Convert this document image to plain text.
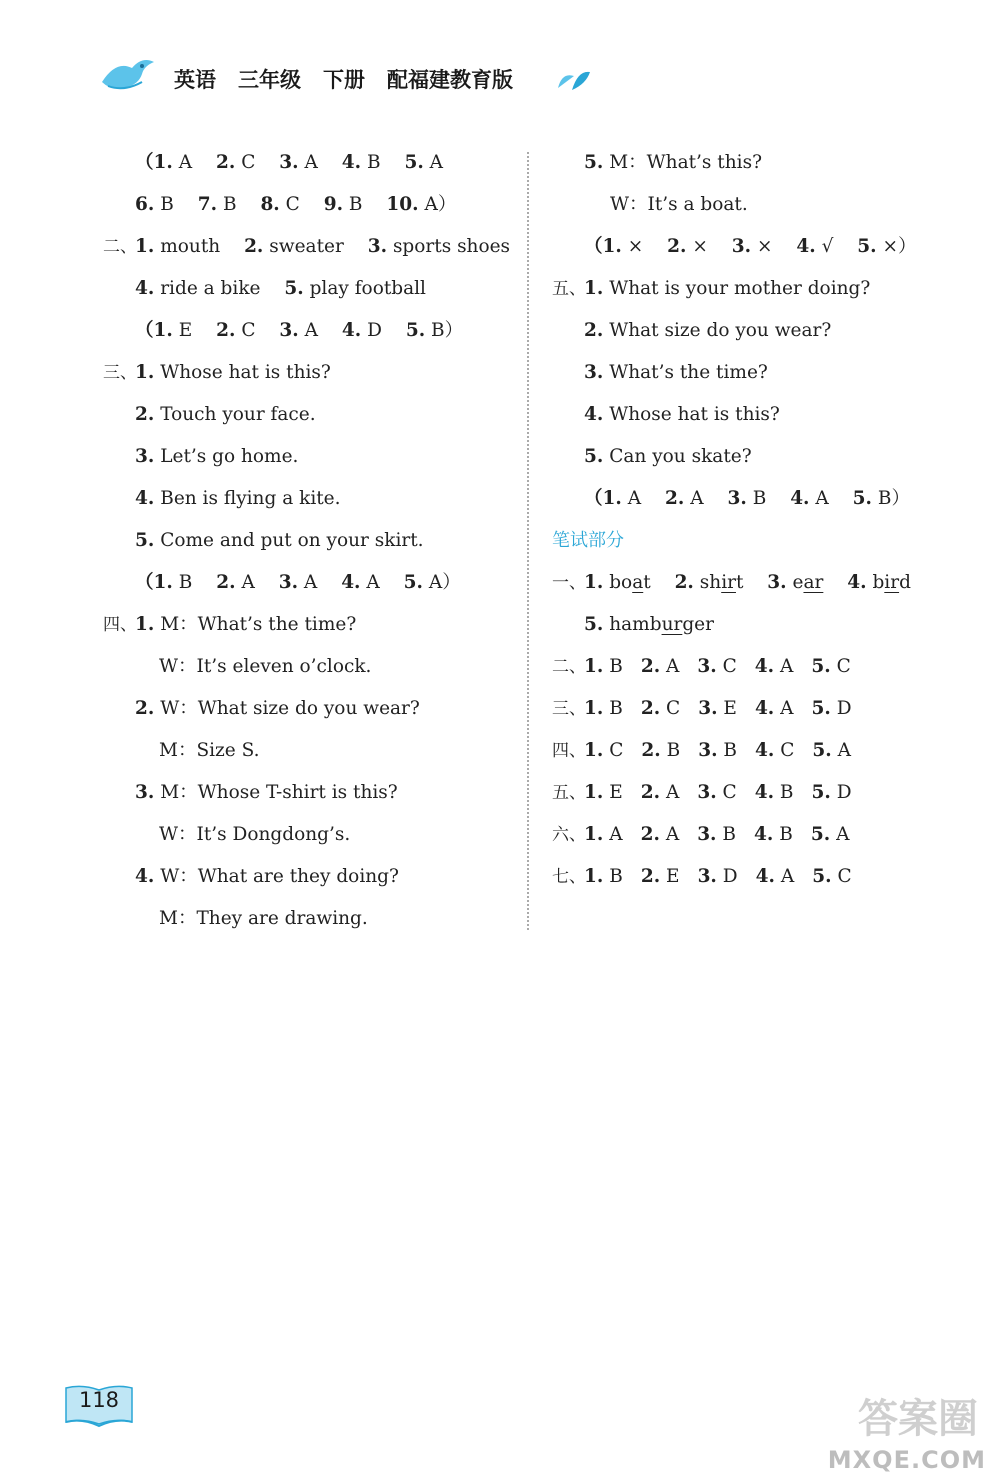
英语 三年级 下册 配福建教育版
（1. A 2. C 3. A 4. B 5. A
6. B 7. B 8. C 9. B 10. A）
二、1. mouth 2. sweater 3. sports shoes
4. ride a bike 5. play football
（1. E 2. C 3. A 4. D 5. B）
三、1. Whose hat is this?
2. Touch your face.
3. Let’s go home.
4. Ben is flying a kite.
5. Come and put on your skirt.
（1. B 2. A 3. A 4. A 5. A）
四、1. M：What’s the time?
W：It’s eleven o’clock.
2. W：What size do you wear?
M：Size S.
3. M：Whose T-shirt is this?
W：It’s Dongdong’s.
4. W：What are they doing?
M：They are drawing.
5. M：What’s this?
W：It’s a boat.
（1. × 2. × 3. × 4. √ 5. ×）
五、1. What is your mother doing?
2. What size do you wear?
3. What’s the time?
4. Whose hat is this?
5. Can you skate?
（1. A 2. A 3. B 4. A 5. B）
笔试部分
一、1. boat 2. shirt 3. ear 4. bird
5. hamburger
二、1. B 2. A 3. C 4. A 5. C
三、1. B 2. C 3. E 4. A 5. D
四、1. C 2. B 3. B 4. C 5. A
五、1. E 2. A 3. C 4. B 5. D
六、1. A 2. A 3. B 4. B 5. A
七、1. B 2. E 3. D 4. A 5. C
118	答案圈
MXQE.COM
